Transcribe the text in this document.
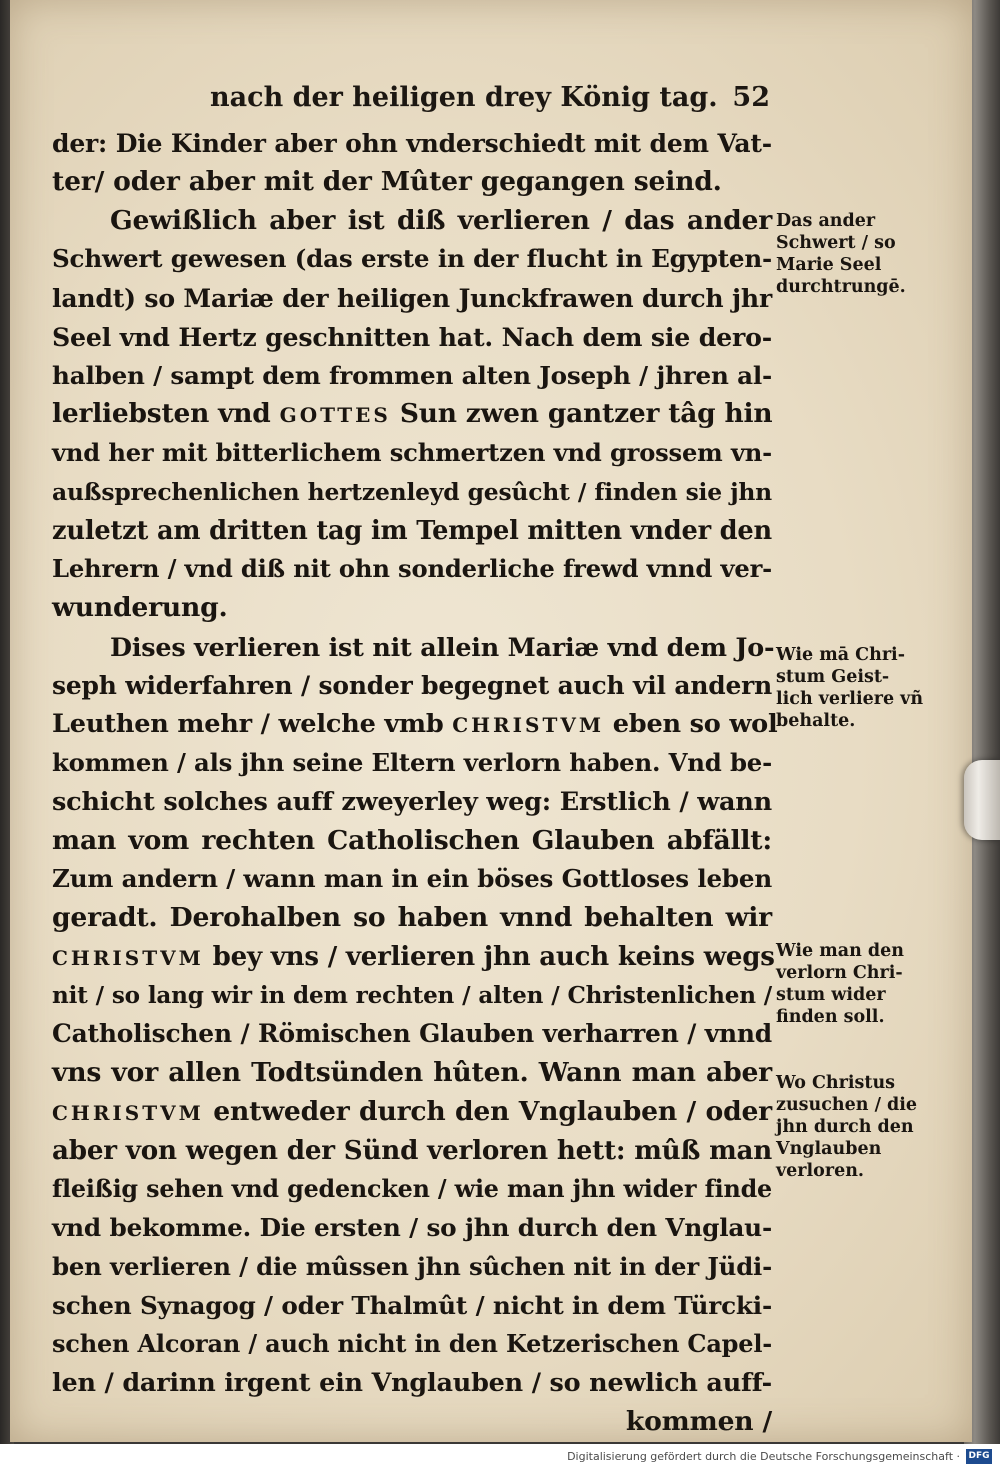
nach der heiligen drey König tag. 52
der: Die Kinder aber ohn vnderschiedt mit dem Vat-
ter/ oder aber mit der Mûter gegangen seind.
Gewißlich aber ist diß verlieren / das ander
Schwert gewesen (das erste in der flucht in Egypten-
landt) so Mariæ der heiligen Junckfrawen durch jhr
Seel vnd Hertz geschnitten hat. Nach dem sie dero-
halben / sampt dem frommen alten Joseph / jhren al-
lerliebsten vnd GOTTES Sun zwen gantzer tâg hin
vnd her mit bitterlichem schmertzen vnd grossem vn-
außsprechenlichen hertzenleyd gesûcht / finden sie jhn
zuletzt am dritten tag im Tempel mitten vnder den
Lehrern / vnd diß nit ohn sonderliche frewd vnnd ver-
wunderung.
Dises verlieren ist nit allein Mariæ vnd dem Jo-
seph widerfahren / sonder begegnet auch vil andern
Leuthen mehr / welche vmb CHRISTVM eben so wol
kommen / als jhn seine Eltern verlorn haben. Vnd be-
schicht solches auff zweyerley weg: Erstlich / wann
man vom rechten Catholischen Glauben abfällt:
Zum andern / wann man in ein böses Gottloses leben
geradt. Derohalben so haben vnnd behalten wir
CHRISTVM bey vns / verlieren jhn auch keins wegs
nit / so lang wir in dem rechten / alten / Christenlichen /
Catholischen / Römischen Glauben verharren / vnnd
vns vor allen Todtsünden hûten. Wann man aber
CHRISTVM entweder durch den Vnglauben / oder
aber von wegen der Sünd verloren hett: mûß man
fleißig sehen vnd gedencken / wie man jhn wider finde
vnd bekomme. Die ersten / so jhn durch den Vnglau-
ben verlieren / die mûssen jhn sûchen nit in der Jüdi-
schen Synagog / oder Thalmût / nicht in dem Türcki-
schen Alcoran / auch nicht in den Ketzerischen Capel-
len / darinn irgent ein Vnglauben / so newlich auff-
kommen /
Das ander
Schwert / so
Marie Seel
durchtrungē.
Wie mā Chri-
stum Geist-
lich verliere vñ
behalte.
Wie man den
verlorn Chri-
stum wider
finden soll.
Wo Christus
zusuchen / die
jhn durch den
Vnglauben
verloren.
Digitalisierung gefördert durch die Deutsche Forschungsgemeinschaft · DFG
